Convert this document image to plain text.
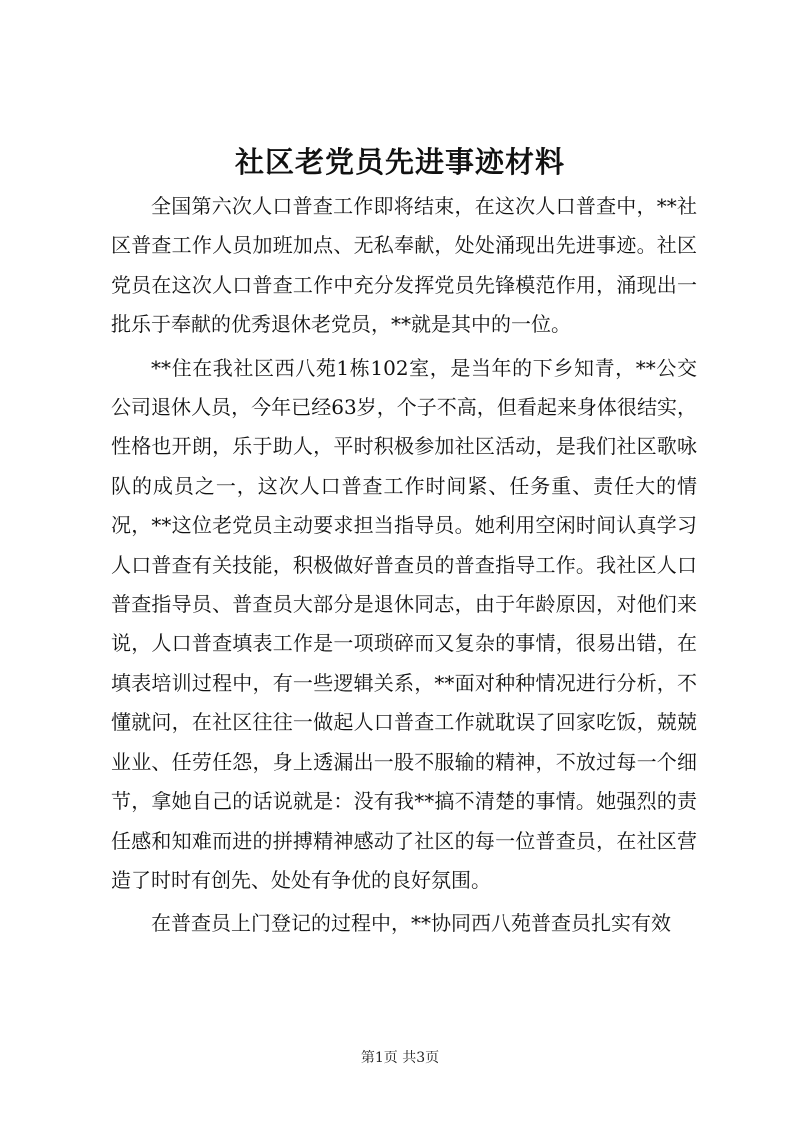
社区老党员先进事迹材料

全国第六次人口普查工作即将结束，在这次人口普查中，**社区普查工作人员加班加点、无私奉献，处处涌现出先进事迹。社区党员在这次人口普查工作中充分发挥党员先锋模范作用，涌现出一批乐于奉献的优秀退休老党员，**就是其中的一位。

**住在我社区西八苑1栋102室，是当年的下乡知青，**公交公司退休人员，今年已经63岁，个子不高，但看起来身体很结实，性格也开朗，乐于助人，平时积极参加社区活动，是我们社区歌咏队的成员之一，这次人口普查工作时间紧、任务重、责任大的情况，**这位老党员主动要求担当指导员。她利用空闲时间认真学习人口普查有关技能，积极做好普查员的普查指导工作。我社区人口普查指导员、普查员大部分是退休同志，由于年龄原因，对他们来说，人口普查填表工作是一项琐碎而又复杂的事情，很易出错，在填表培训过程中，有一些逻辑关系，**面对种种情况进行分析，不懂就问，在社区往往一做起人口普查工作就耽误了回家吃饭，兢兢业业、任劳任怨，身上透漏出一股不服输的精神，不放过每一个细节，拿她自己的话说就是：没有我**搞不清楚的事情。她强烈的责任感和知难而进的拼搏精神感动了社区的每一位普查员，在社区营造了时时有创先、处处有争优的良好氛围。

在普查员上门登记的过程中，**协同西八苑普查员扎实有效

第1页 共3页
